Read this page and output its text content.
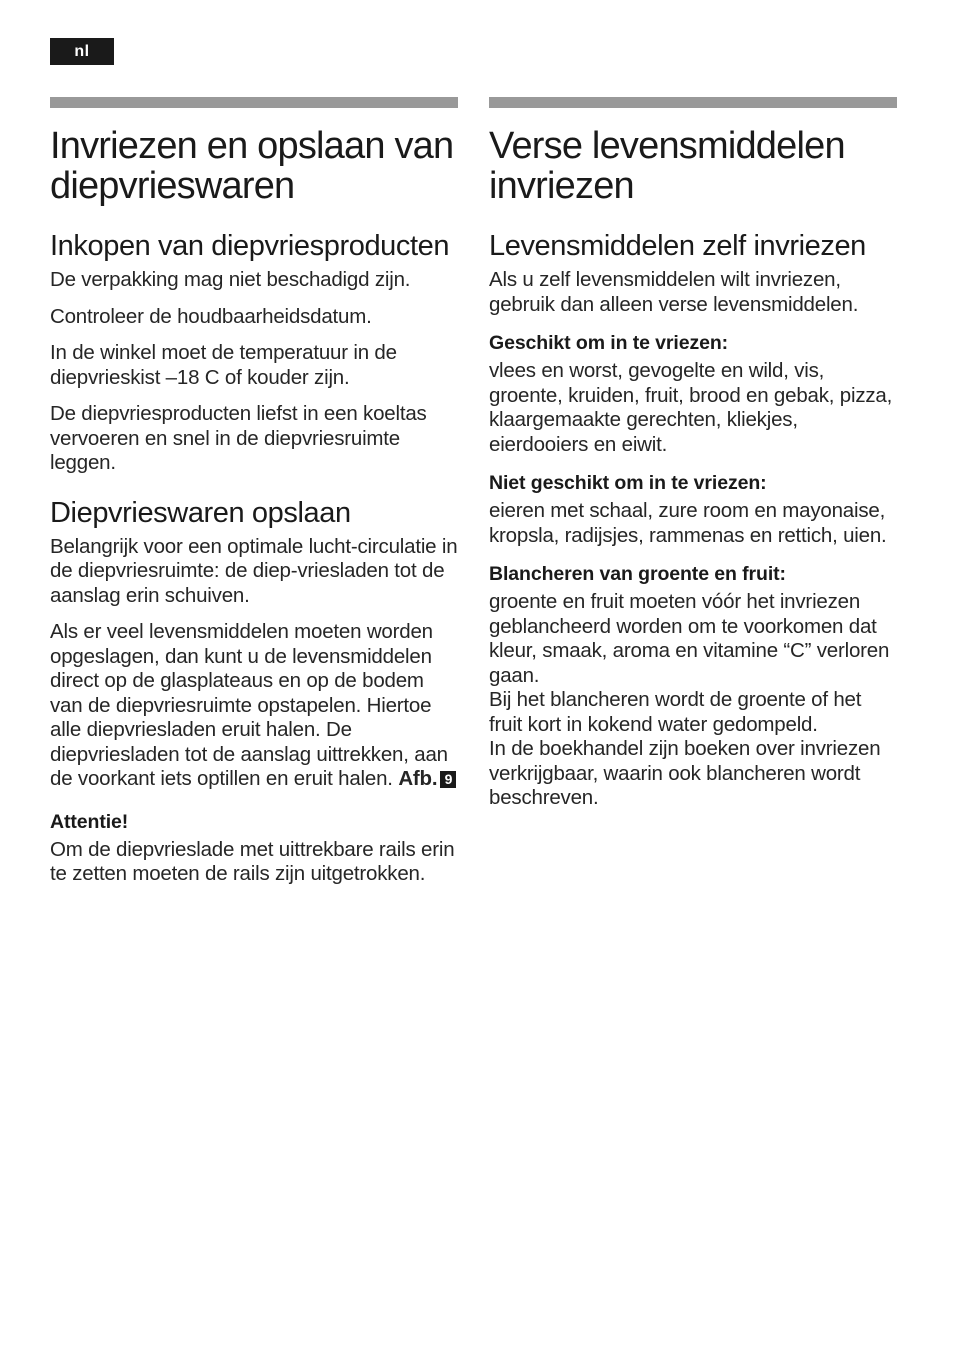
nl
Invriezen en opslaan van diepvrieswaren
Inkopen van diepvriesproducten

De verpakking mag niet beschadigd zijn.

Controleer de houdbaarheidsdatum.

In de winkel moet de temperatuur in de diepvrieskist –18 C of kouder zijn.

De diepvriesproducten liefst in een koeltas vervoeren en snel in de diepvriesruimte leggen.

Diepvrieswaren opslaan

Belangrijk voor een optimale lucht-circulatie in de diepvriesruimte: de diep-vriesladen tot de aanslag erin schuiven.

Als er veel levensmiddelen moeten worden opgeslagen, dan kunt u de levensmiddelen direct op de glasplateaus en op de bodem van de diepvriesruimte opstapelen. Hiertoe alle diepvriesladen eruit halen. De diepvriesladen tot de aanslag uittrekken, aan de voorkant iets optillen en eruit halen. Afb. 9

Attentie!

Om de diepvrieslade met uittrekbare rails erin te zetten moeten de rails zijn uitgetrokken.

Verse levensmiddelen invriezen
Levensmiddelen zelf invriezen

Als u zelf levensmiddelen wilt invriezen, gebruik dan alleen verse levensmiddelen.

Geschikt om in te vriezen:

vlees en worst, gevogelte en wild, vis, groente, kruiden, fruit, brood en gebak, pizza, klaargemaakte gerechten, kliekjes, eierdooiers en eiwit.

Niet geschikt om in te vriezen:

eieren met schaal, zure room en mayonaise, kropsla, radijsjes, rammenas en rettich, uien.

Blancheren van groente en fruit:

groente en fruit moeten vóór het invriezen geblancheerd worden om te voorkomen dat kleur, smaak, aroma en vitamine “C” verloren gaan.

Bij het blancheren wordt de groente of het fruit kort in kokend water gedompeld.

In de boekhandel zijn boeken over invriezen verkrijgbaar, waarin ook blancheren wordt beschreven.
